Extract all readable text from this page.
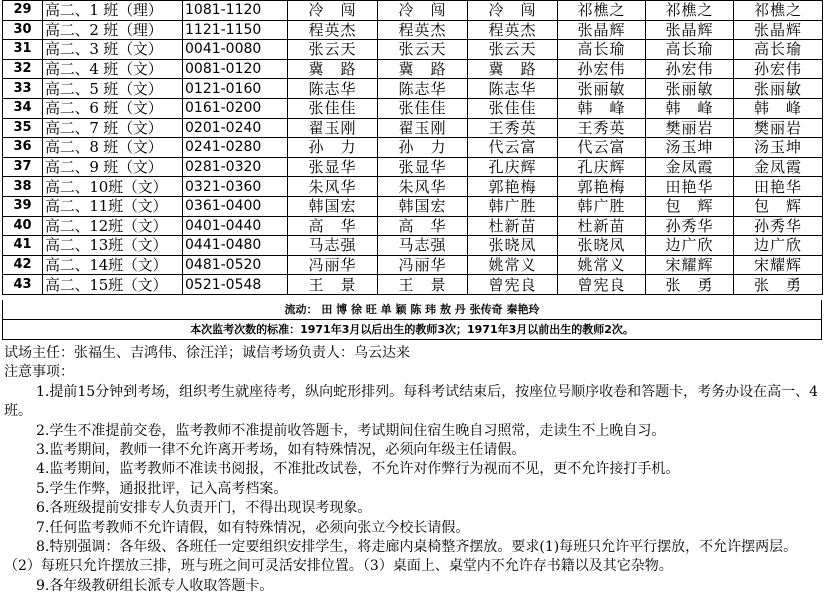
29	高二、1 班（理）	1081-1120	冷　闯	冷　闯	冷　闯	祁樵之	祁樵之	祁樵之
30	高二、2 班（理）	1121-1150	程英杰	程英杰	程英杰	张晶辉	张晶辉	张晶辉
31	高二、3 班（文）	0041-0080	张云天	张云天	张云天	高长瑜	高长瑜	高长瑜
32	高二、4 班（文）	0081-0120	冀　路	冀　路	冀　路	孙宏伟	孙宏伟	孙宏伟
33	高二、5 班（文）	0121-0160	陈志华	陈志华	陈志华	张丽敏	张丽敏	张丽敏
34	高二、6 班（文）	0161-0200	张佳佳	张佳佳	张佳佳	韩　峰	韩　峰	韩　峰
35	高二、7 班（文）	0201-0240	翟玉刚	翟玉刚	王秀英	王秀英	樊丽岩	樊丽岩
36	高二、8 班（文）	0241-0280	孙　力	孙　力	代云富	代云富	汤玉坤	汤玉坤
37	高二、9 班（文）	0281-0320	张显华	张显华	孔庆辉	孔庆辉	金凤霞	金凤霞
38	高二、10班（文）	0321-0360	朱风华	朱风华	郭艳梅	郭艳梅	田艳华	田艳华
39	高二、11班（文）	0361-0400	韩国宏	韩国宏	韩广胜	韩广胜	包　辉	包　辉
40	高二、12班（文）	0401-0440	高　华	高　华	杜新苗	杜新苗	孙秀华	孙秀华
41	高二、13班（文）	0441-0480	马志强	马志强	张晓凤	张晓凤	边广欣	边广欣
42	高二、14班（文）	0481-0520	冯丽华	冯丽华	姚常义	姚常义	宋耀辉	宋耀辉
43	高二、15班（文）	0521-0548	王　景	王　景	曾宪良	曾宪良	张　勇	张　勇
流动： 田 博 徐 旺 单 颖 陈 玮 敖 丹 张传奇 秦艳玲
本次监考次数的标准：1971年3月以后出生的教师3次；1971年3月以前出生的教师2次。

试场主任：张福生、吉鸿伟、徐汪洋；诚信考场负责人：乌云达来

注意事项：

1.提前15分钟到考场，组织考生就座待考，纵向蛇形排列。每科考试结束后，按座位号顺序收卷和答题卡，考务办设在高一、4班。

2.学生不准提前交卷，监考教师不准提前收答题卡，考试期间住宿生晚自习照常，走读生不上晚自习。

3.监考期间，教师一律不允许离开考场，如有特殊情况，必须向年级主任请假。

4.监考期间，监考教师不准读书阅报，不准批改试卷，不允许对作弊行为视而不见，更不允许接打手机。

5.学生作弊，通报批评，记入高考档案。

6.各班级提前安排专人负责开门，不得出现误考现象。

7.任何监考教师不允许请假，如有特殊情况，必须向张立今校长请假。

8.特别强调：各年级、各班任一定要组织安排学生，将走廊内桌椅整齐摆放。要求(1)每班只允许平行摆放，不允许摆两层。（2）每班只允许摆放三排，班与班之间可灵活安排位置。（3）桌面上、桌堂内不允许存书籍以及其它杂物。

9.各年级教研组长派专人收取答题卡。
